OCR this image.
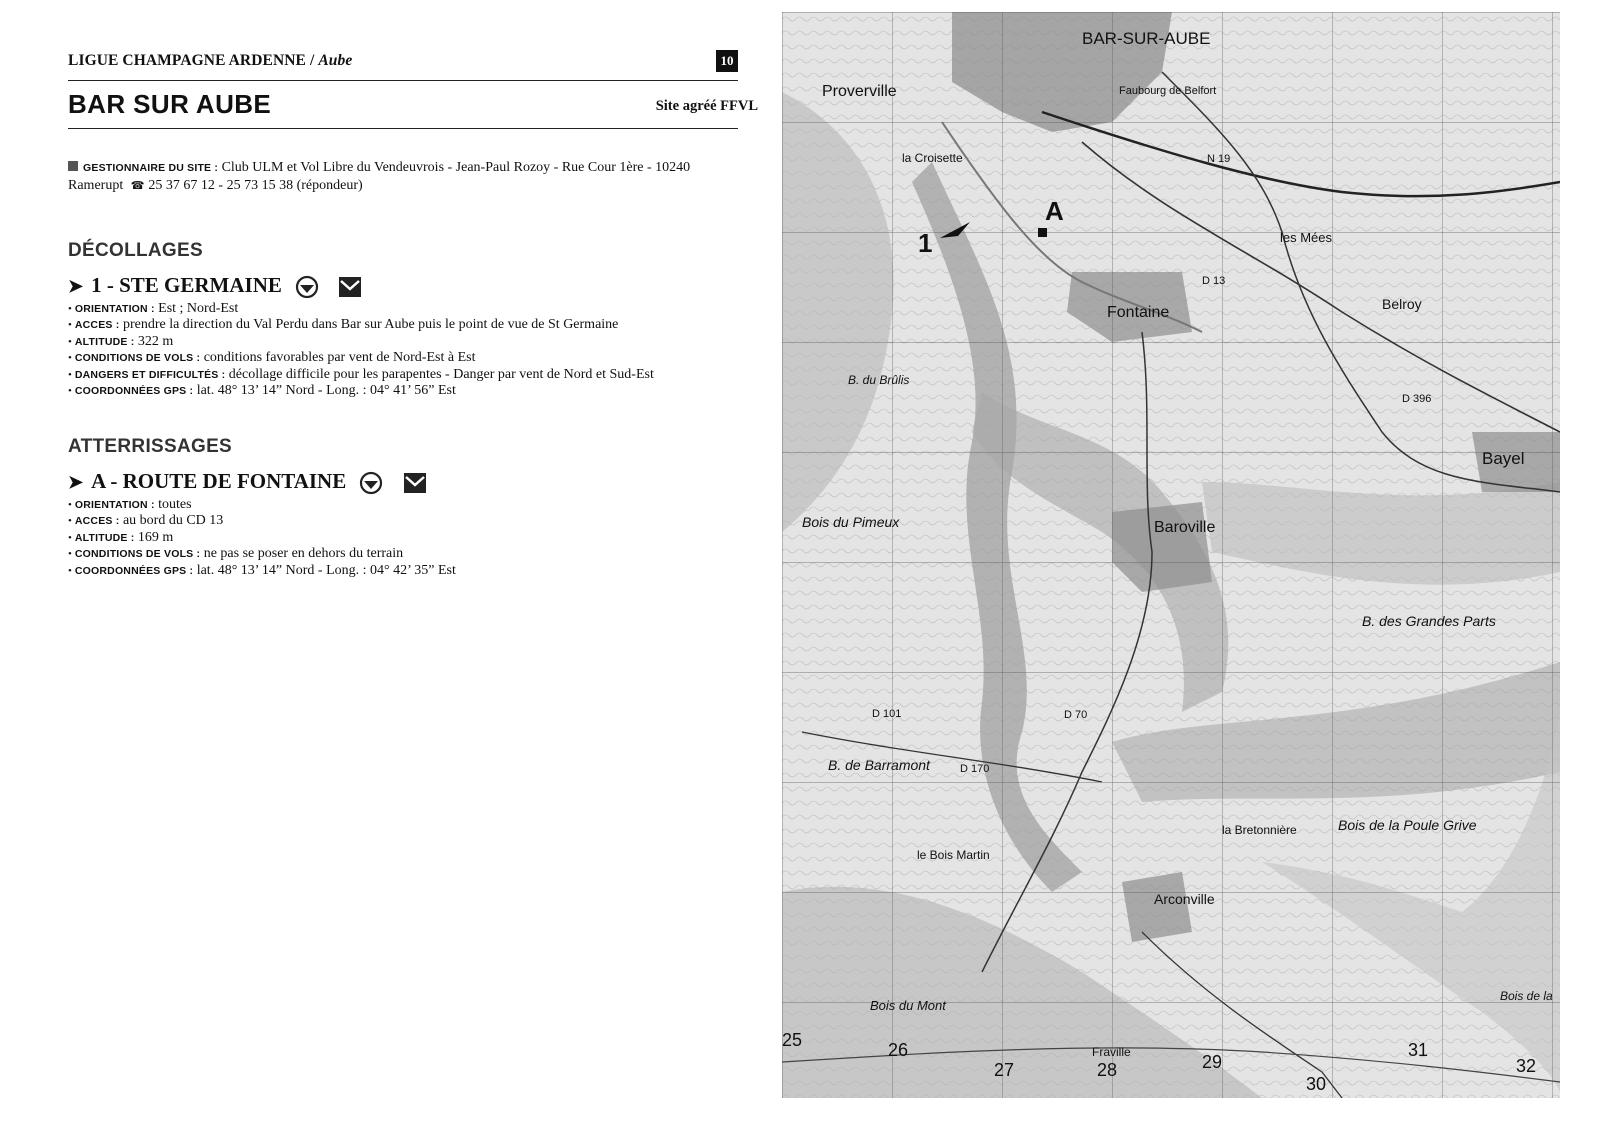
LIGUE CHAMPAGNE ARDENNE / Aube	10
BAR SUR AUBE	Site agréé FFVL
GESTIONNAIRE DU SITE : Club ULM et Vol Libre du Vendeuvrois - Jean-Paul Rozoy - Rue Cour 1ère - 10240
Ramerupt ☎ 25 37 67 12 - 25 73 15 38 (répondeur)
DÉCOLLAGES
➤ 1 - STE GERMAINE
• ORIENTATION : Est ; Nord-Est
• ACCES : prendre la direction du Val Perdu dans Bar sur Aube puis le point de vue de St Germaine
• ALTITUDE : 322 m
• CONDITIONS DE VOLS : conditions favorables par vent de Nord-Est à Est
• DANGERS ET DIFFICULTÉS : décollage difficile pour les parapentes - Danger par vent de Nord et Sud-Est
• COORDONNÉES GPS : lat. 48° 13’ 14” Nord - Long. : 04° 41’ 56” Est
ATTERRISSAGES
➤ A - ROUTE DE FONTAINE
• ORIENTATION : toutes
• ACCES : au bord du CD 13
• ALTITUDE : 169 m
• CONDITIONS DE VOLS : ne pas se poser en dehors du terrain
• COORDONNÉES GPS : lat. 48° 13’ 14” Nord - Long. : 04° 42’ 35” Est
BAR-SUR-AUBE
Proverville
Fontaine
Baroville
Arconville
Bayel
Belroy
les Mées
la Croisette
Faubourg de Belfort
la Bretonnière
le Bois Martin
Fraville
Bois du Pimeux
B. de Barramont
B. du Brûlis
B. des Grandes Parts
Bois de la Poule Grive
Bois du Mont
Bois de la
N 19
D 13
D 70
D 396
D 101
D 170
1
A
25	26
27	28	29
30
31
32
